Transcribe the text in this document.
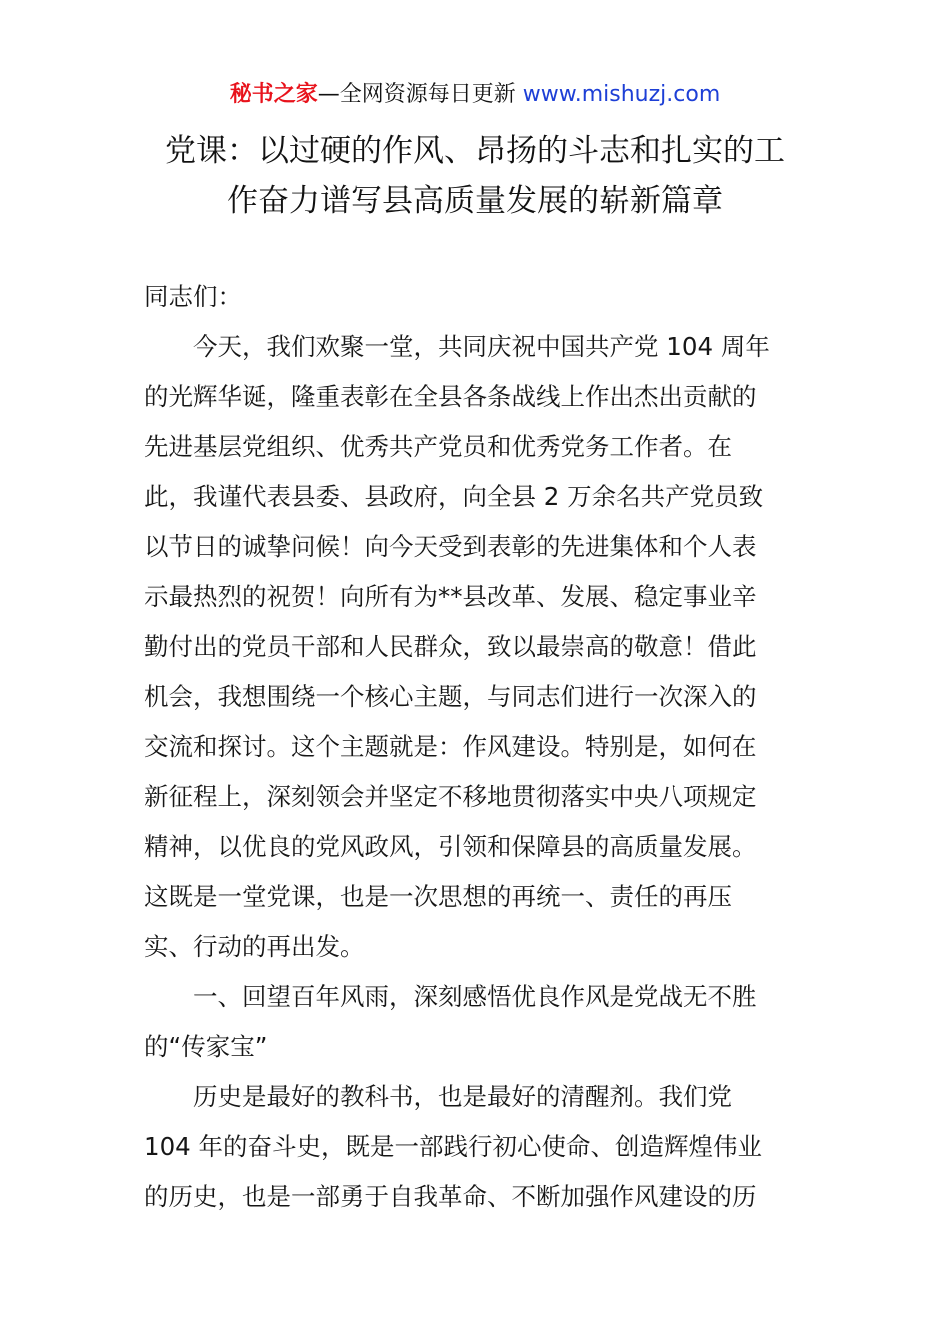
秘书之家—全网资源每日更新 www.mishuzj.com
党课：以过硬的作风、昂扬的斗志和扎实的工
作奋力谱写县高质量发展的崭新篇章
同志们：
今天，我们欢聚一堂，共同庆祝中国共产党 104 周年
的光辉华诞，隆重表彰在全县各条战线上作出杰出贡献的
先进基层党组织、优秀共产党员和优秀党务工作者。在
此，我谨代表县委、县政府，向全县 2 万余名共产党员致
以节日的诚挚问候！向今天受到表彰的先进集体和个人表
示最热烈的祝贺！向所有为**县改革、发展、稳定事业辛
勤付出的党员干部和人民群众，致以最崇高的敬意！借此
机会，我想围绕一个核心主题，与同志们进行一次深入的
交流和探讨。这个主题就是：作风建设。特别是，如何在
新征程上，深刻领会并坚定不移地贯彻落实中央八项规定
精神，以优良的党风政风，引领和保障县的高质量发展。
这既是一堂党课，也是一次思想的再统一、责任的再压
实、行动的再出发。
一、回望百年风雨，深刻感悟优良作风是党战无不胜
的“传家宝”
历史是最好的教科书，也是最好的清醒剂。我们党
104 年的奋斗史，既是一部践行初心使命、创造辉煌伟业
的历史，也是一部勇于自我革命、不断加强作风建设的历
